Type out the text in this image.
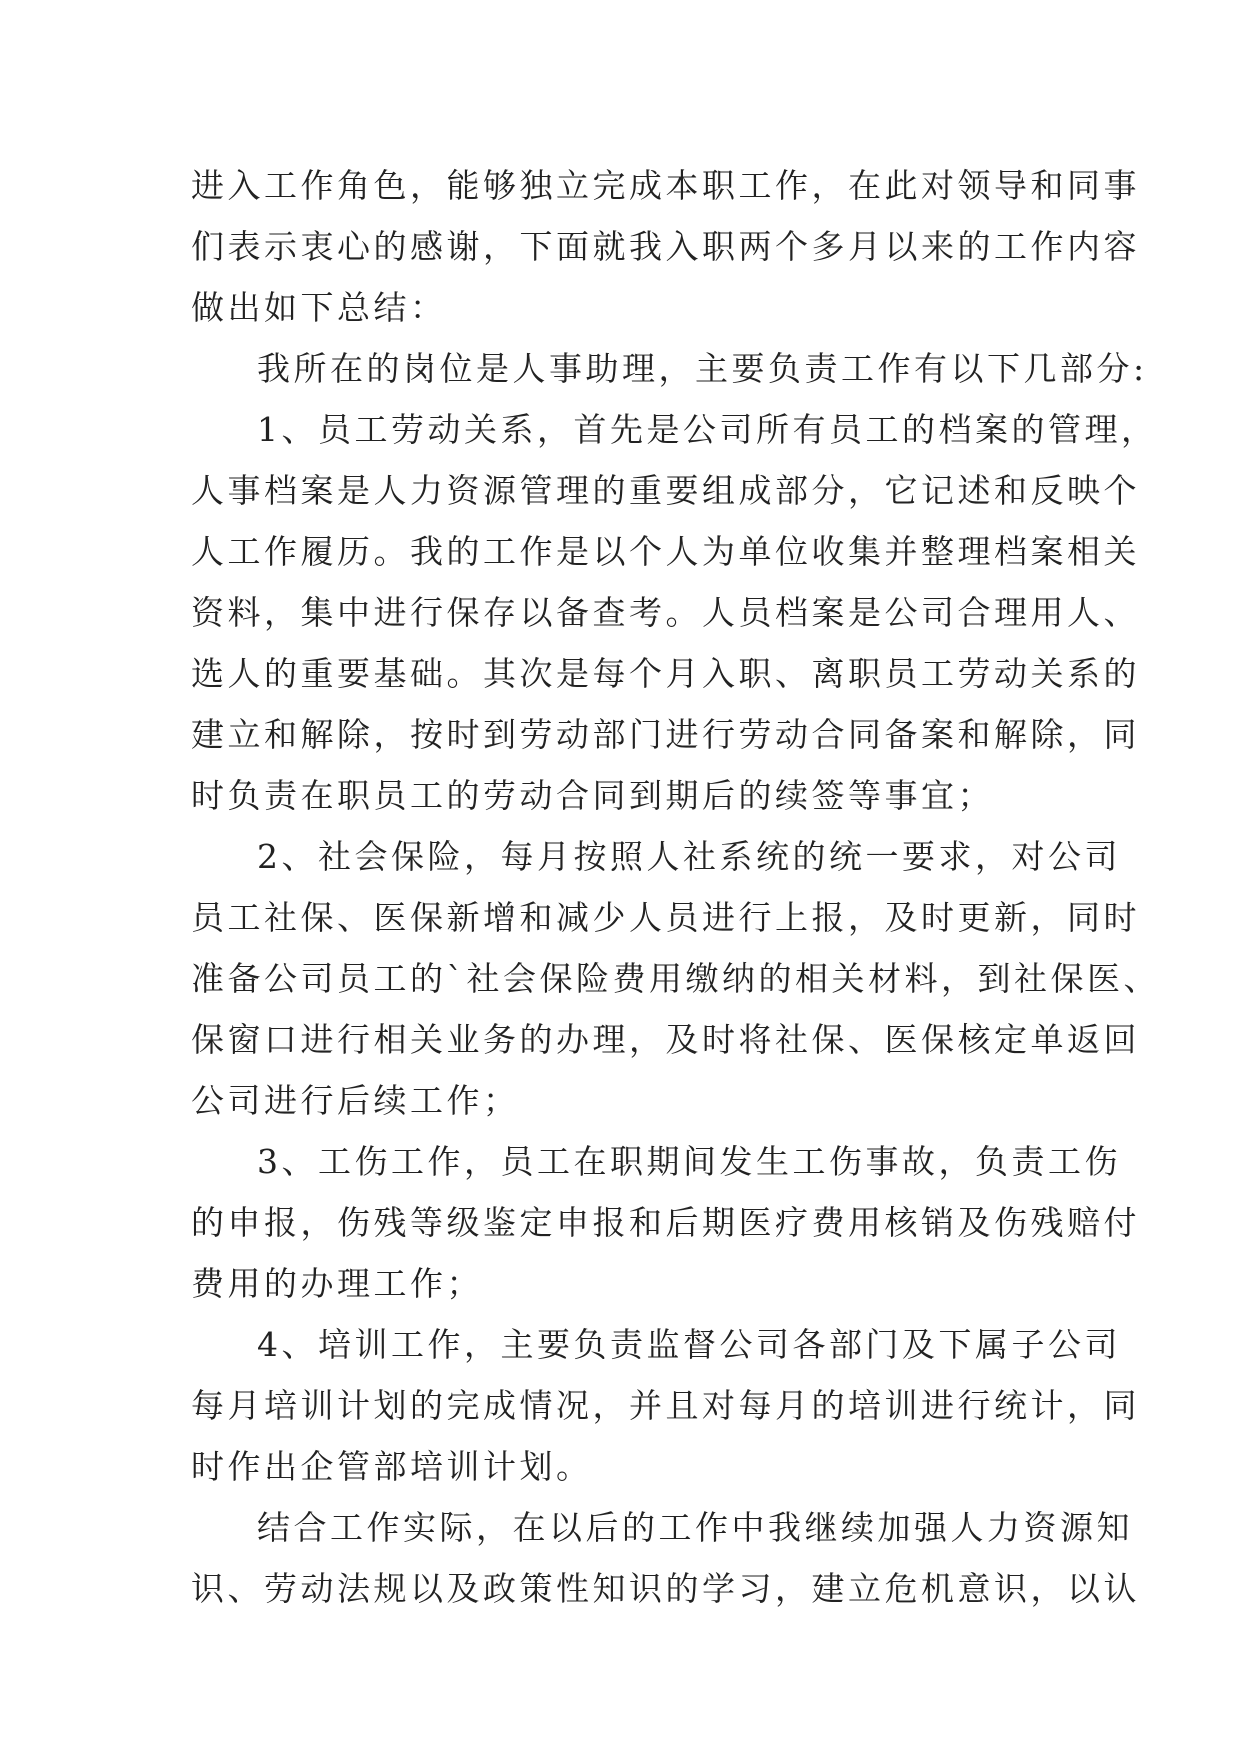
进入工作角色，能够独立完成本职工作，在此对领导和同事
们表示衷心的感谢，下面就我入职两个多月以来的工作内容
做出如下总结：
我所在的岗位是人事助理，主要负责工作有以下几部分:
1、员工劳动关系，首先是公司所有员工的档案的管理，
人事档案是人力资源管理的重要组成部分，它记述和反映个
人工作履历。我的工作是以个人为单位收集并整理档案相关
资料，集中进行保存以备查考。人员档案是公司合理用人、
选人的重要基础。其次是每个月入职、离职员工劳动关系的
建立和解除，按时到劳动部门进行劳动合同备案和解除，同
时负责在职员工的劳动合同到期后的续签等事宜；
2、社会保险，每月按照人社系统的统一要求，对公司
员工社保、医保新增和减少人员进行上报，及时更新，同时
准备公司员工的`社会保险费用缴纳的相关材料，到社保医、
保窗口进行相关业务的办理，及时将社保、医保核定单返回
公司进行后续工作；
3、工伤工作，员工在职期间发生工伤事故，负责工伤
的申报，伤残等级鉴定申报和后期医疗费用核销及伤残赔付
费用的办理工作；
4、培训工作，主要负责监督公司各部门及下属子公司
每月培训计划的完成情况，并且对每月的培训进行统计，同
时作出企管部培训计划。
结合工作实际，在以后的工作中我继续加强人力资源知
识、劳动法规以及政策性知识的学习，建立危机意识，以认
